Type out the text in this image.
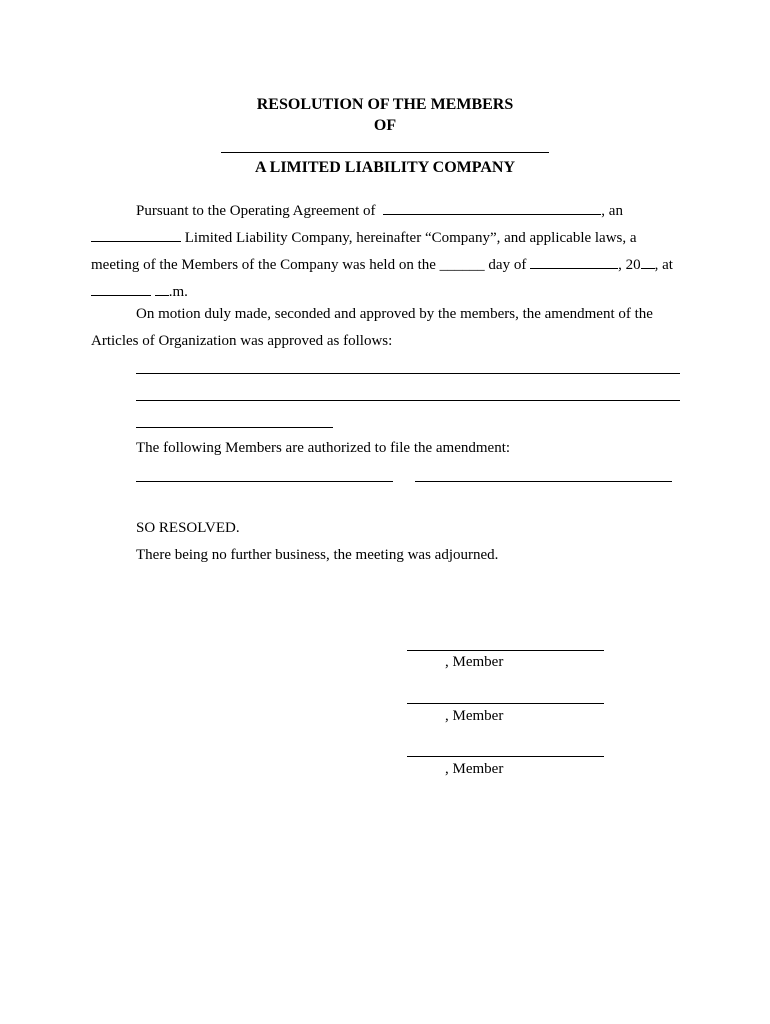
RESOLUTION OF THE MEMBERS
OF
A LIMITED LIABILITY COMPANY
Pursuant to the Operating Agreement of	, an
Limited Liability Company, hereinafter “Company”, and applicable laws, a
meeting of the Members of the Company was held on the ______ day of	, 20 , at
.m.
On motion duly made, seconded and approved by the members, the amendment of the
Articles of Organization was approved as follows:
The following Members are authorized to file the amendment:
SO RESOLVED.
There being no further business, the meeting was adjourned.
, Member
, Member
, Member
